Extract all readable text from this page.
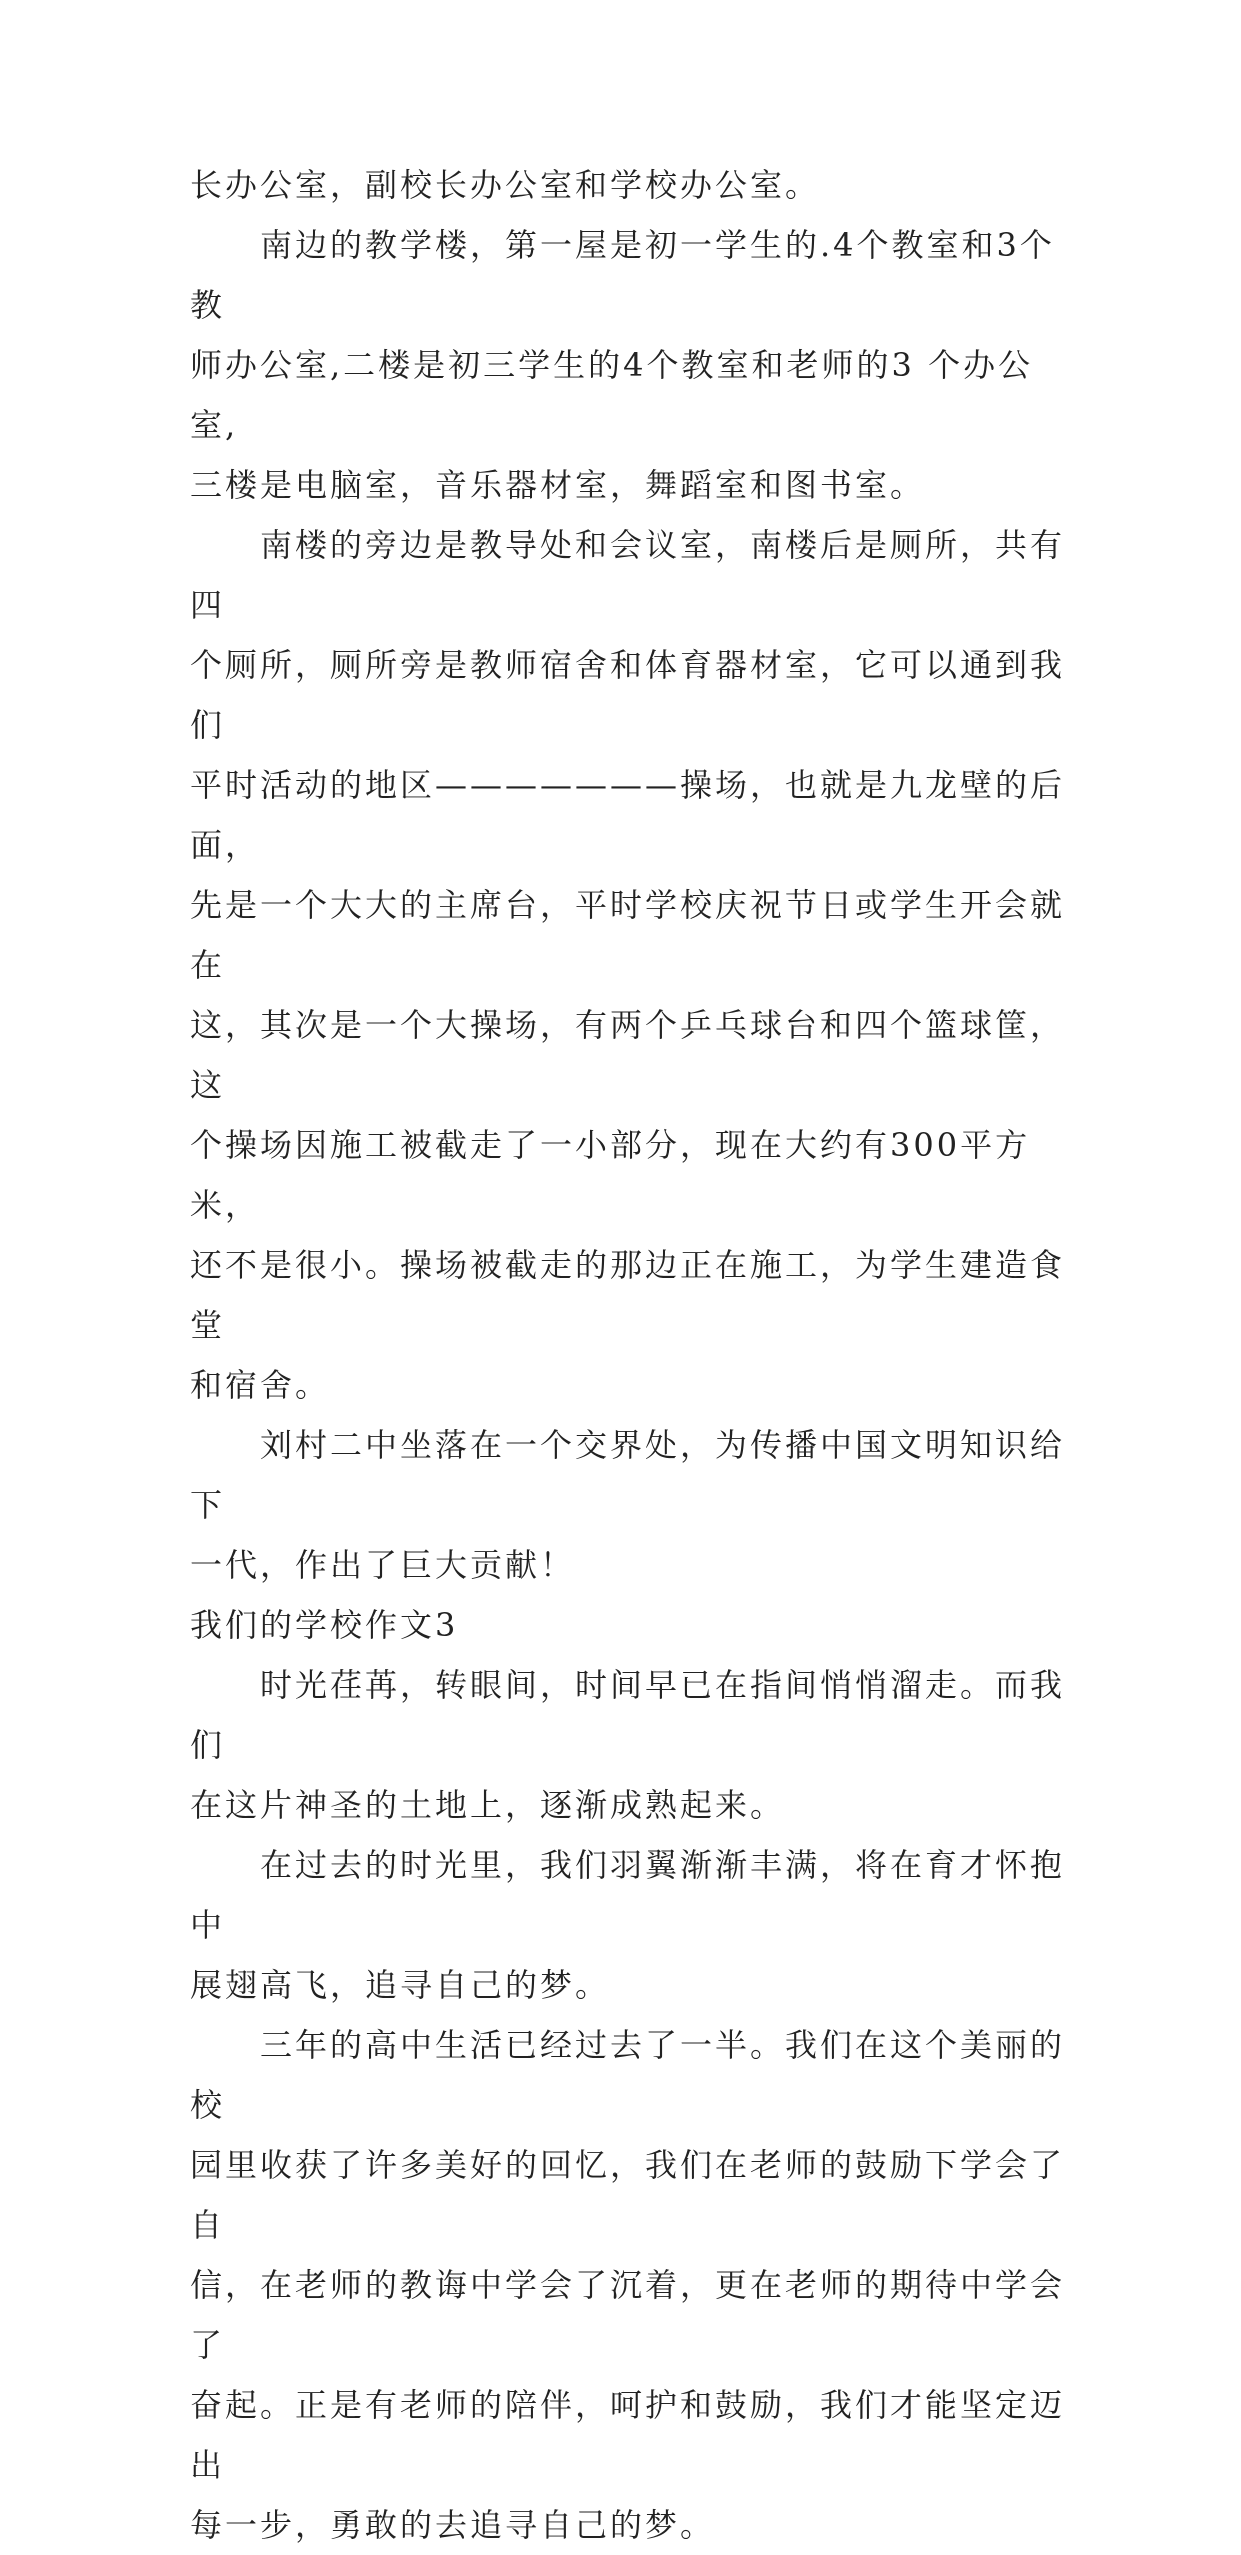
长办公室，副校长办公室和学校办公室。

南边的教学楼，第一屋是初一学生的.4个教室和3个教

师办公室,二楼是初三学生的4个教室和老师的3 个办公室,

三楼是电脑室，音乐器材室，舞蹈室和图书室。

南楼的旁边是教导处和会议室，南楼后是厕所，共有四

个厕所，厕所旁是教师宿舍和体育器材室，它可以通到我们

平时活动的地区———————操场，也就是九龙壁的后面，

先是一个大大的主席台，平时学校庆祝节日或学生开会就在

这，其次是一个大操场，有两个乒乓球台和四个篮球筐，这

个操场因施工被截走了一小部分，现在大约有300平方米，

还不是很小。操场被截走的那边正在施工，为学生建造食堂

和宿舍。

刘村二中坐落在一个交界处，为传播中国文明知识给下

一代，作出了巨大贡献！

我们的学校作文3

时光荏苒，转眼间，时间早已在指间悄悄溜走。而我们

在这片神圣的土地上，逐渐成熟起来。

在过去的时光里，我们羽翼渐渐丰满，将在育才怀抱中

展翅高飞，追寻自己的梦。

三年的高中生活已经过去了一半。我们在这个美丽的校

园里收获了许多美好的回忆，我们在老师的鼓励下学会了自

信，在老师的教诲中学会了沉着，更在老师的期待中学会了

奋起。正是有老师的陪伴，呵护和鼓励，我们才能坚定迈出

每一步，勇敢的去追寻自己的梦。
